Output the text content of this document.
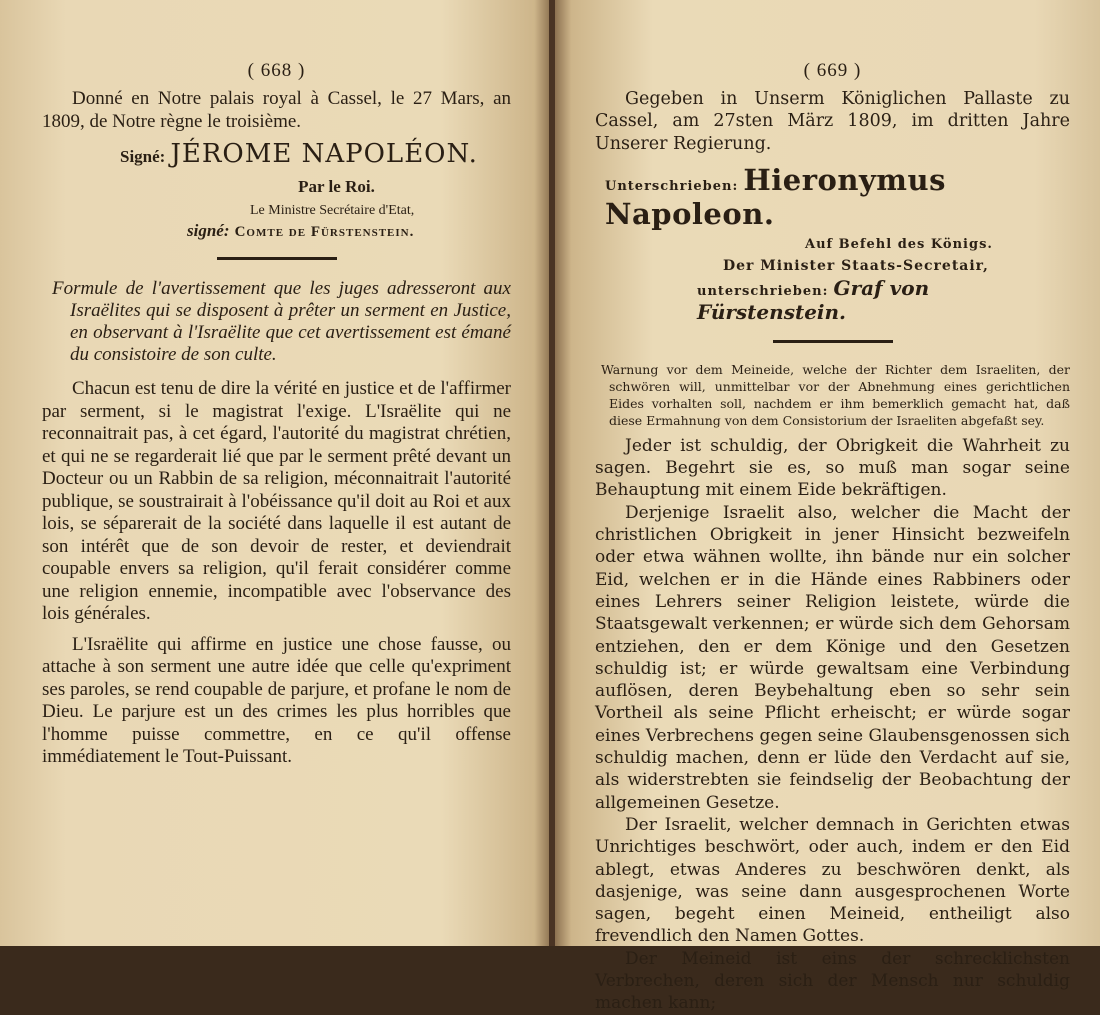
( 668 )

Donné en Notre palais royal à Cassel, le 27 Mars, an 1809, de Notre règne le troisième.

Signé: JÉROME NAPOLÉON.
Par le Roi.
Le Ministre Secrétaire d'Etat,
signé: Comte de Fürstenstein.

Formule de l'avertissement que les juges adresseront aux Israëlites qui se disposent à prêter un serment en Justice, en observant à l'Israëlite que cet avertissement est émané du consistoire de son culte.

Chacun est tenu de dire la vérité en justice et de l'affirmer par serment, si le magistrat l'exige. L'Israëlite qui ne reconnaitrait pas, à cet égard, l'autorité du magistrat chrétien, et qui ne se regarderait lié que par le serment prêté devant un Docteur ou un Rabbin de sa religion, méconnaitrait l'autorité publique, se soustrairait à l'obéissance qu'il doit au Roi et aux lois, se séparerait de la société dans laquelle il est autant de son intérêt que de son devoir de rester, et deviendrait coupable envers sa religion, qu'il ferait considérer comme une religion ennemie, incompatible avec l'observance des lois générales.

L'Israëlite qui affirme en justice une chose fausse, ou attache à son serment une autre idée que celle qu'expriment ses paroles, se rend coupable de parjure, et profane le nom de Dieu. Le parjure est un des crimes les plus horribles que l'homme puisse commettre, en ce qu'il offense immédiatement le Tout-Puissant.

( 669 )

Gegeben in Unserm Königlichen Pallaste zu Cassel, am 27sten März 1809, im dritten Jahre Unserer Regierung.

Unterschrieben: Hieronymus Napoleon.
Auf Befehl des Königs.
Der Minister Staats-Secretair,
unterschrieben: Graf von Fürstenstein.

Warnung vor dem Meineide, welche der Richter dem Israeliten, der schwören will, unmittelbar vor der Abnehmung eines gerichtlichen Eides vorhalten soll, nachdem er ihm bemerklich gemacht hat, daß diese Ermahnung von dem Consistorium der Israeliten abgefaßt sey.

Jeder ist schuldig, der Obrigkeit die Wahrheit zu sagen. Begehrt sie es, so muß man sogar seine Behauptung mit einem Eide bekräftigen.

Derjenige Israelit also, welcher die Macht der christlichen Obrigkeit in jener Hinsicht bezweifeln oder etwa wähnen wollte, ihn bände nur ein solcher Eid, welchen er in die Hände eines Rabbiners oder eines Lehrers seiner Religion leistete, würde die Staatsgewalt verkennen; er würde sich dem Gehorsam entziehen, den er dem Könige und den Gesetzen schuldig ist; er würde gewaltsam eine Verbindung auflösen, deren Beybehaltung eben so sehr sein Vortheil als seine Pflicht erheischt; er würde sogar eines Verbrechens gegen seine Glaubensgenossen sich schuldig machen, denn er lüde den Verdacht auf sie, als widerstrebten sie feindselig der Beobachtung der allgemeinen Gesetze.

Der Israelit, welcher demnach in Gerichten etwas Unrichtiges beschwört, oder auch, indem er den Eid ablegt, etwas Anderes zu beschwören denkt, als dasjenige, was seine dann ausgesprochenen Worte sagen, begeht einen Meineid, entheiligt also frevendlich den Namen Gottes.

Der Meineid ist eins der schrecklichsten Verbrechen, deren sich der Mensch nur schuldig machen kann;
